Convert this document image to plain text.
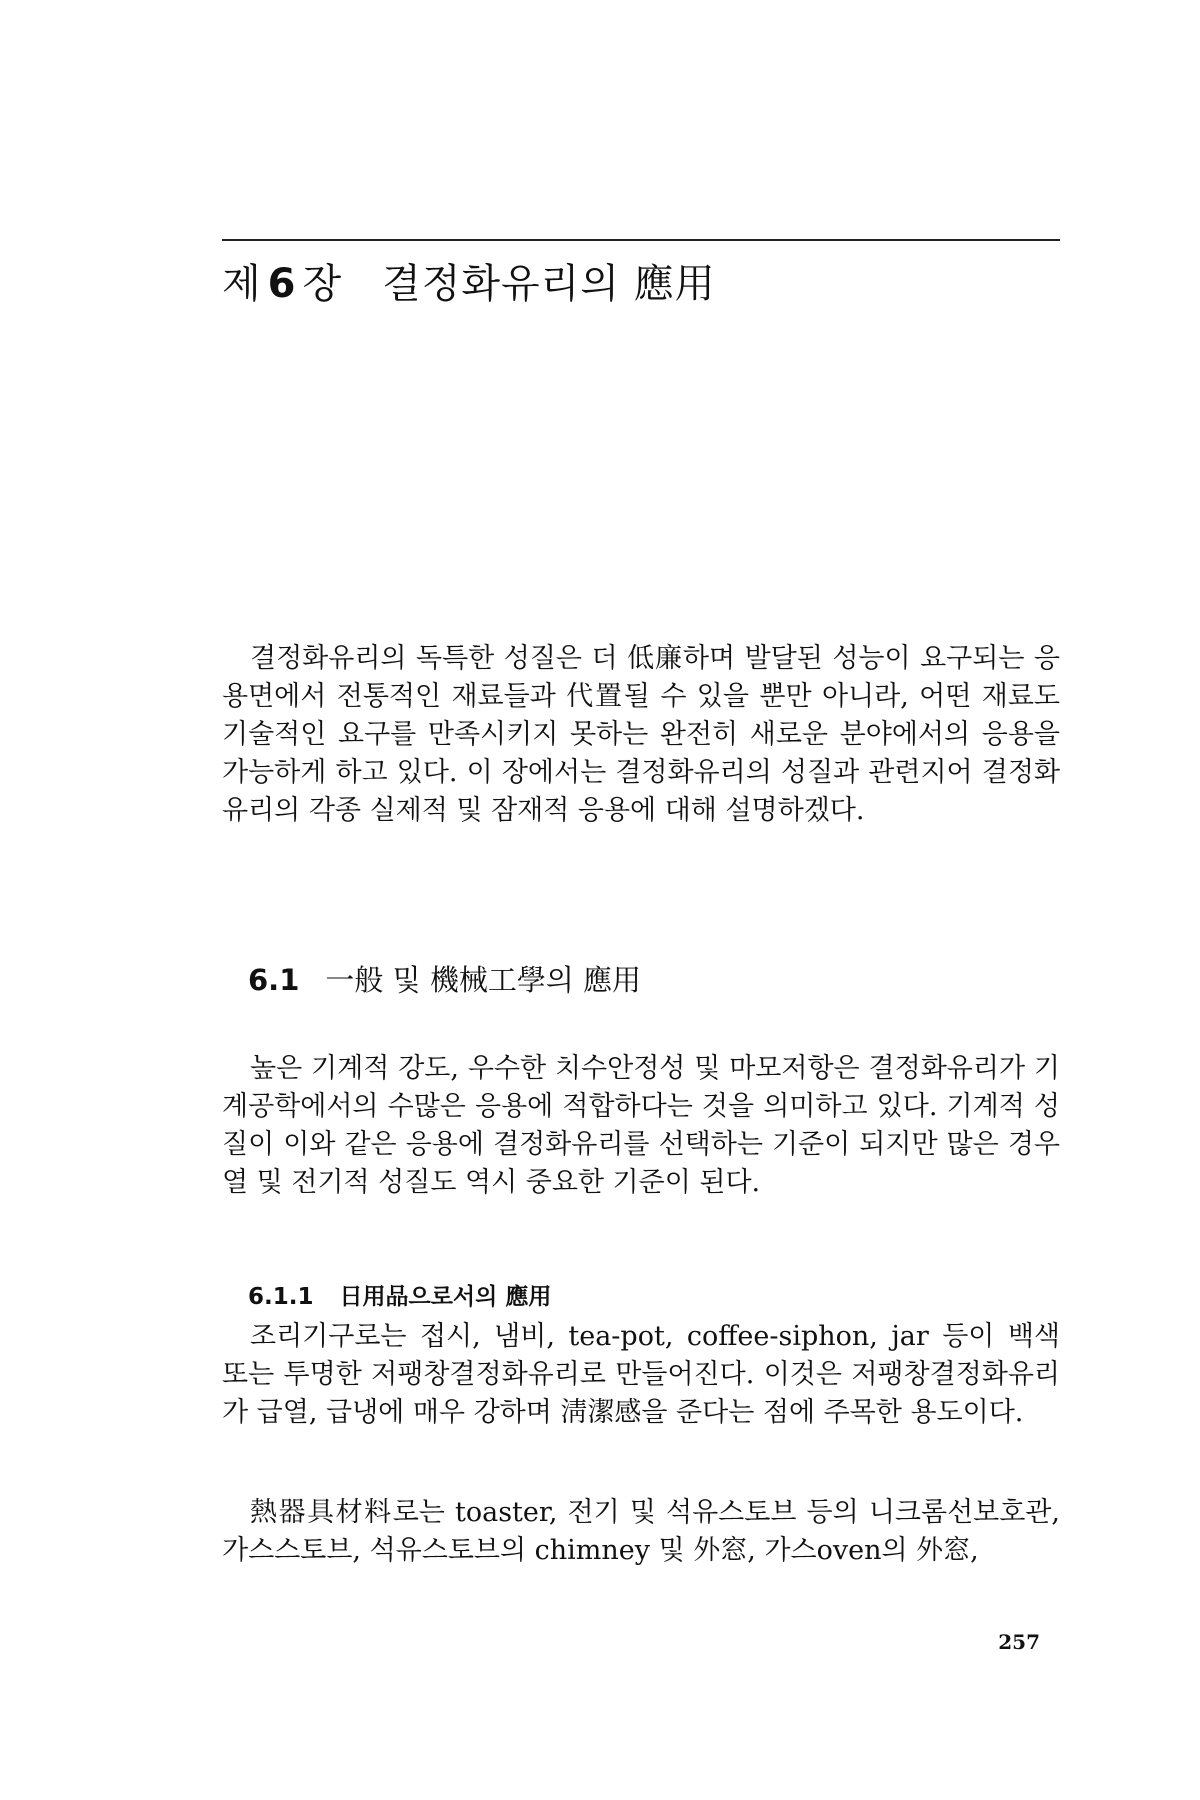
제 6 장 결정화유리의 應用

결정화유리의 독특한 성질은 더 低廉하며 발달된 성능이 요구되는 응용면에서 전통적인 재료들과 代置될 수 있을 뿐만 아니라, 어떤 재료도 기술적인 요구를 만족시키지 못하는 완전히 새로운 분야에서의 응용을 가능하게 하고 있다. 이 장에서는 결정화유리의 성질과 관련지어 결정화유리의 각종 실제적 및 잠재적 응용에 대해 설명하겠다.

6.1 一般 및 機械工學의 應用

높은 기계적 강도, 우수한 치수안정성 및 마모저항은 결정화유리가 기계공학에서의 수많은 응용에 적합하다는 것을 의미하고 있다. 기계적 성질이 이와 같은 응용에 결정화유리를 선택하는 기준이 되지만 많은 경우 열 및 전기적 성질도 역시 중요한 기준이 된다.

6.1.1 日用品으로서의 應用

조리기구로는 접시, 냄비, tea-pot, coffee-siphon, jar 등이 백색 또는 투명한 저팽창결정화유리로 만들어진다. 이것은 저팽창결정화유리가 급열, 급냉에 매우 강하며 淸潔感을 준다는 점에 주목한 용도이다.

熱器具材料로는 toaster, 전기 및 석유스토브 등의 니크롬선보호관, 가스스토브, 석유스토브의 chimney 및 外窓, 가스oven의 外窓,

257
